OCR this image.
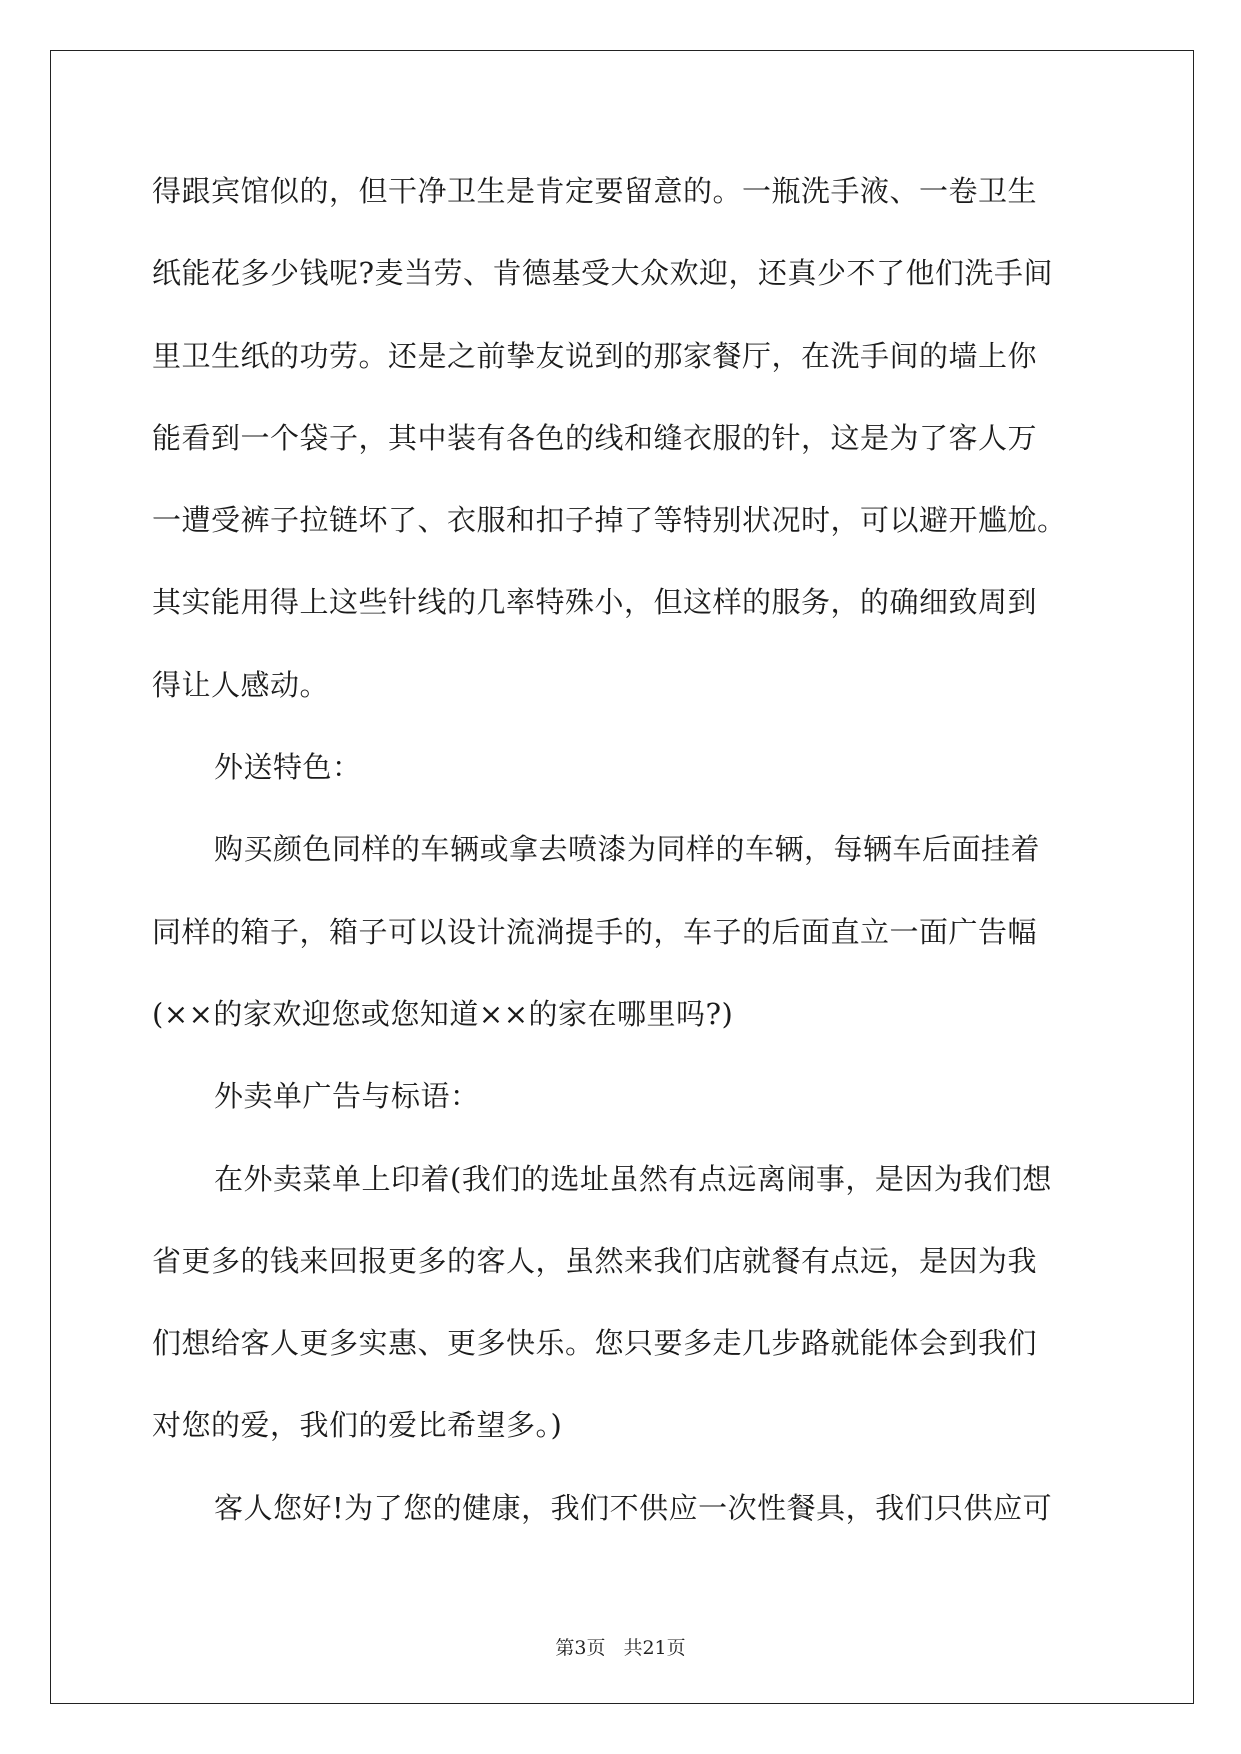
得跟宾馆似的，但干净卫生是肯定要留意的。一瓶洗手液、一卷卫生
纸能花多少钱呢?麦当劳、肯德基受大众欢迎，还真少不了他们洗手间
里卫生纸的功劳。还是之前挚友说到的那家餐厅，在洗手间的墙上你
能看到一个袋子，其中装有各色的线和缝衣服的针，这是为了客人万
一遭受裤子拉链坏了、衣服和扣子掉了等特别状况时，可以避开尴尬。
其实能用得上这些针线的几率特殊小，但这样的服务，的确细致周到
得让人感动。
外送特色：
购买颜色同样的车辆或拿去喷漆为同样的车辆，每辆车后面挂着
同样的箱子，箱子可以设计流淌提手的，车子的后面直立一面广告幅
(××的家欢迎您或您知道××的家在哪里吗?)
外卖单广告与标语：
在外卖菜单上印着(我们的选址虽然有点远离闹事，是因为我们想
省更多的钱来回报更多的客人，虽然来我们店就餐有点远，是因为我
们想给客人更多实惠、更多快乐。您只要多走几步路就能体会到我们
对您的爱，我们的爱比希望多。)
客人您好!为了您的健康，我们不供应一次性餐具，我们只供应可
第3页 共21页
